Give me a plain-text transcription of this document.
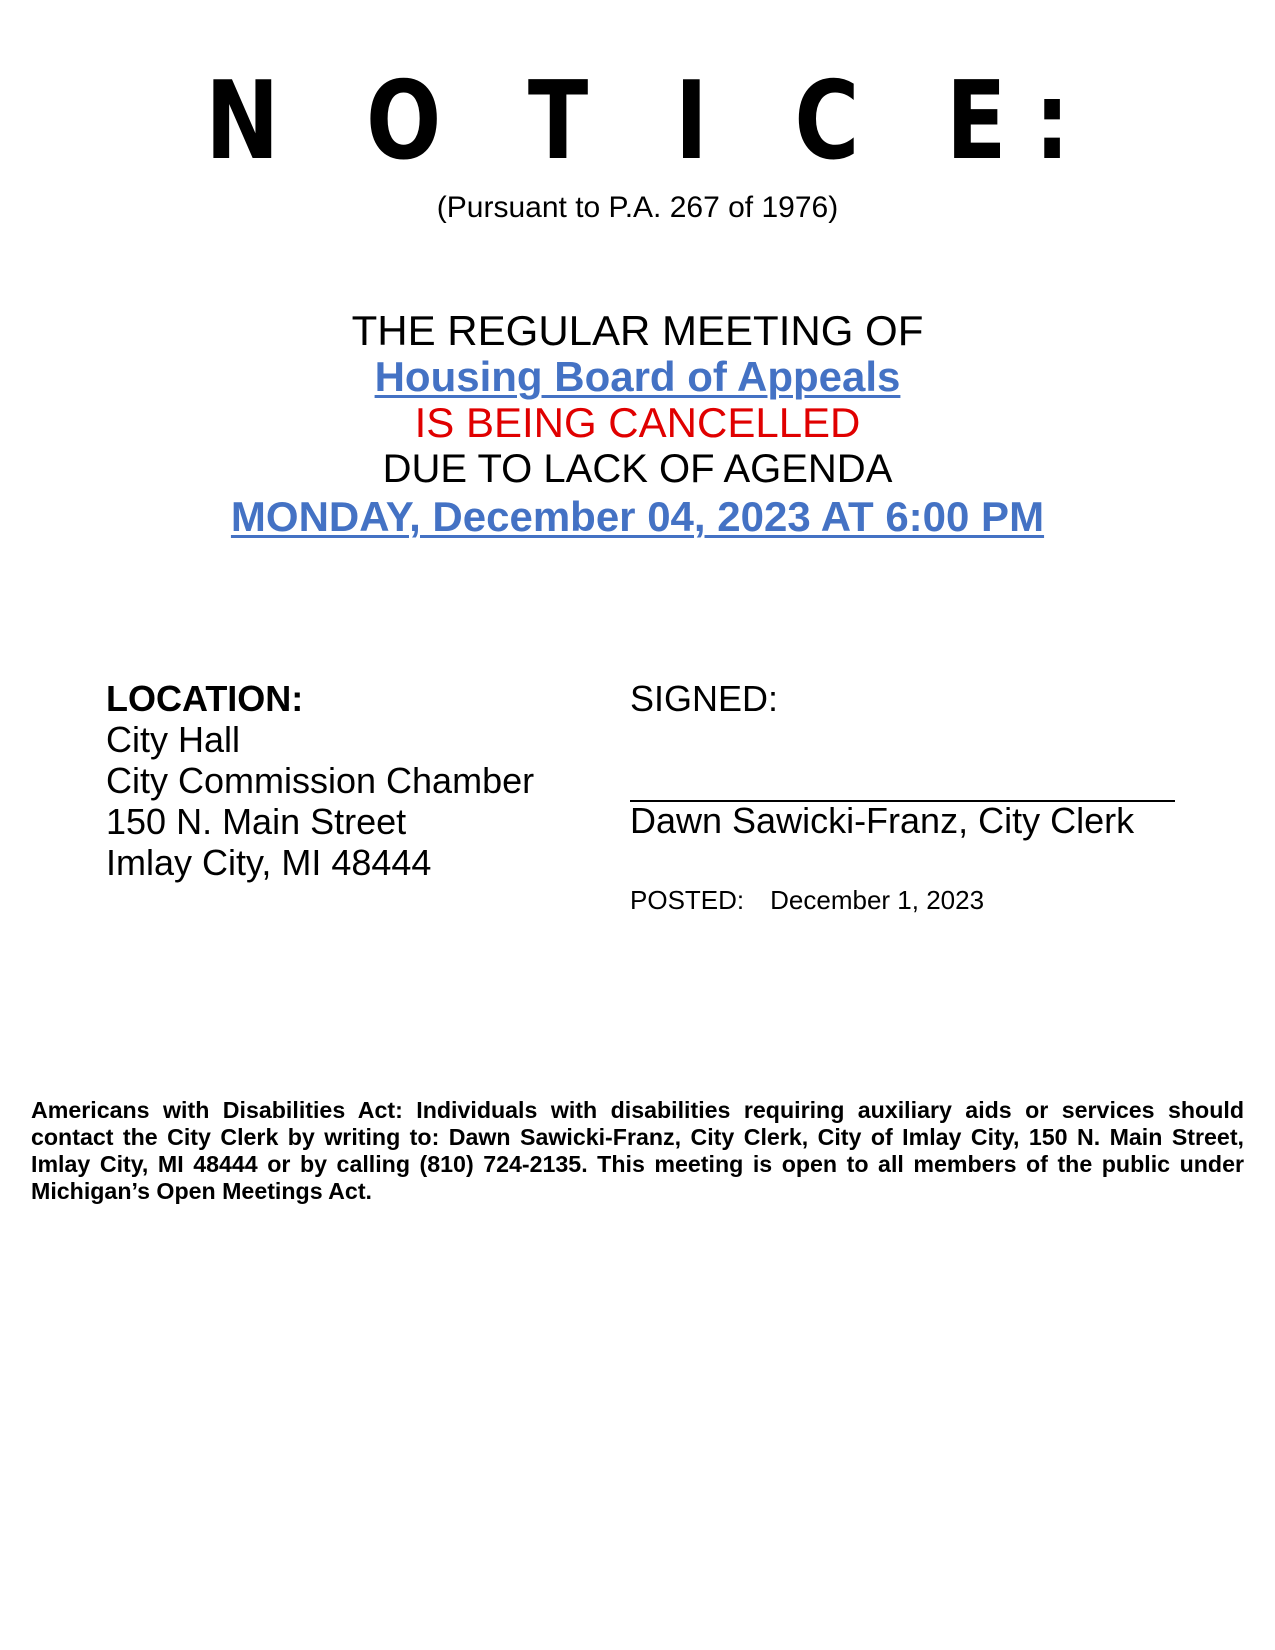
N O T I C E:
(Pursuant to P.A. 267 of 1976)
THE REGULAR MEETING OF
Housing Board of Appeals
IS BEING CANCELLED
DUE TO LACK OF AGENDA
MONDAY, December 04, 2023 AT 6:00 PM
LOCATION:
City Hall
City Commission Chamber
150 N. Main Street
Imlay City, MI 48444
SIGNED:
Dawn Sawicki-Franz, City Clerk
POSTED: December 1, 2023
Americans with Disabilities Act: Individuals with disabilities requiring auxiliary aids or services should contact the City Clerk by writing to: Dawn Sawicki-Franz, City Clerk, City of Imlay City, 150 N. Main Street, Imlay City, MI 48444 or by calling (810) 724-2135. This meeting is open to all members of the public under Michigan’s Open Meetings Act.
